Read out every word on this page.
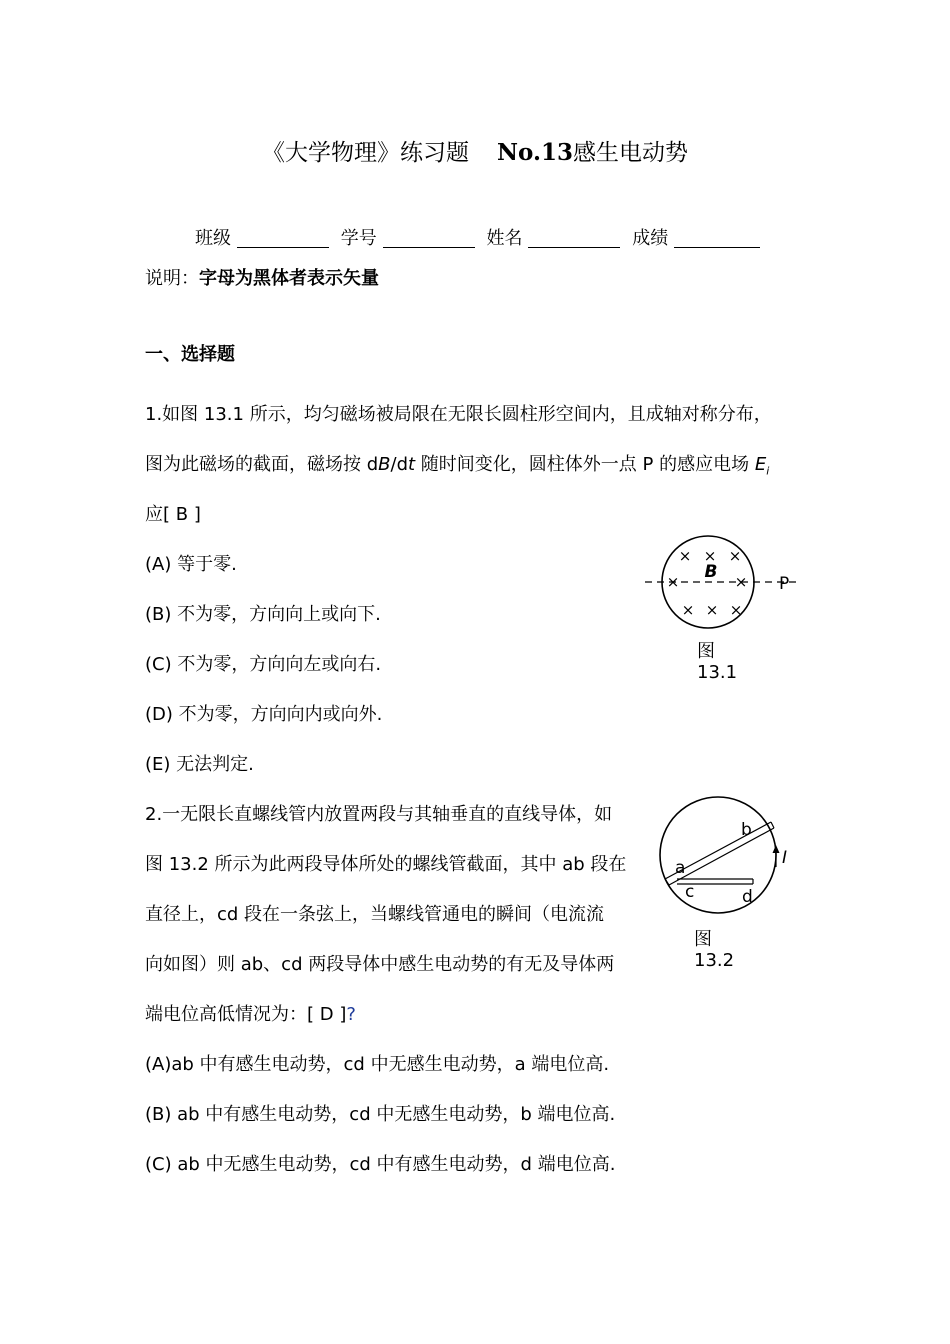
《大学物理》练习题 No.13感生电动势
班级	学号	姓名	成绩
说明：字母为黑体者表示矢量
一、选择题
1.如图 13.1 所示，均匀磁场被局限在无限长圆柱形空间内，且成轴对称分布，
图为此磁场的截面，磁场按 dB/dt 随时间变化，圆柱体外一点 P 的感应电场 $E_i$
应[ B ]
(A) 等于零.
(B) 不为零，方向向上或向下.
(C) 不为零，方向向左或向右.
(D) 不为零，方向向内或向外.
(E) 无法判定.
× × ×
×	×
× × ×
B
P
图
13.1
2.一无限长直螺线管内放置两段与其轴垂直的直线导体，如
图 13.2 所示为此两段导体所处的螺线管截面，其中 ab 段在
直径上，cd 段在一条弦上，当螺线管通电的瞬间（电流流
向如图）则 ab、cd 两段导体中感生电动势的有无及导体两
端电位高低情况为：[ D ]?
(A)ab 中有感生电动势，cd 中无感生电动势，a 端电位高.
(B) ab 中有感生电动势，cd 中无感生电动势，b 端电位高.
(C) ab 中无感生电动势，cd 中有感生电动势，d 端电位高.
a
b
c	d
I
图
13.2
